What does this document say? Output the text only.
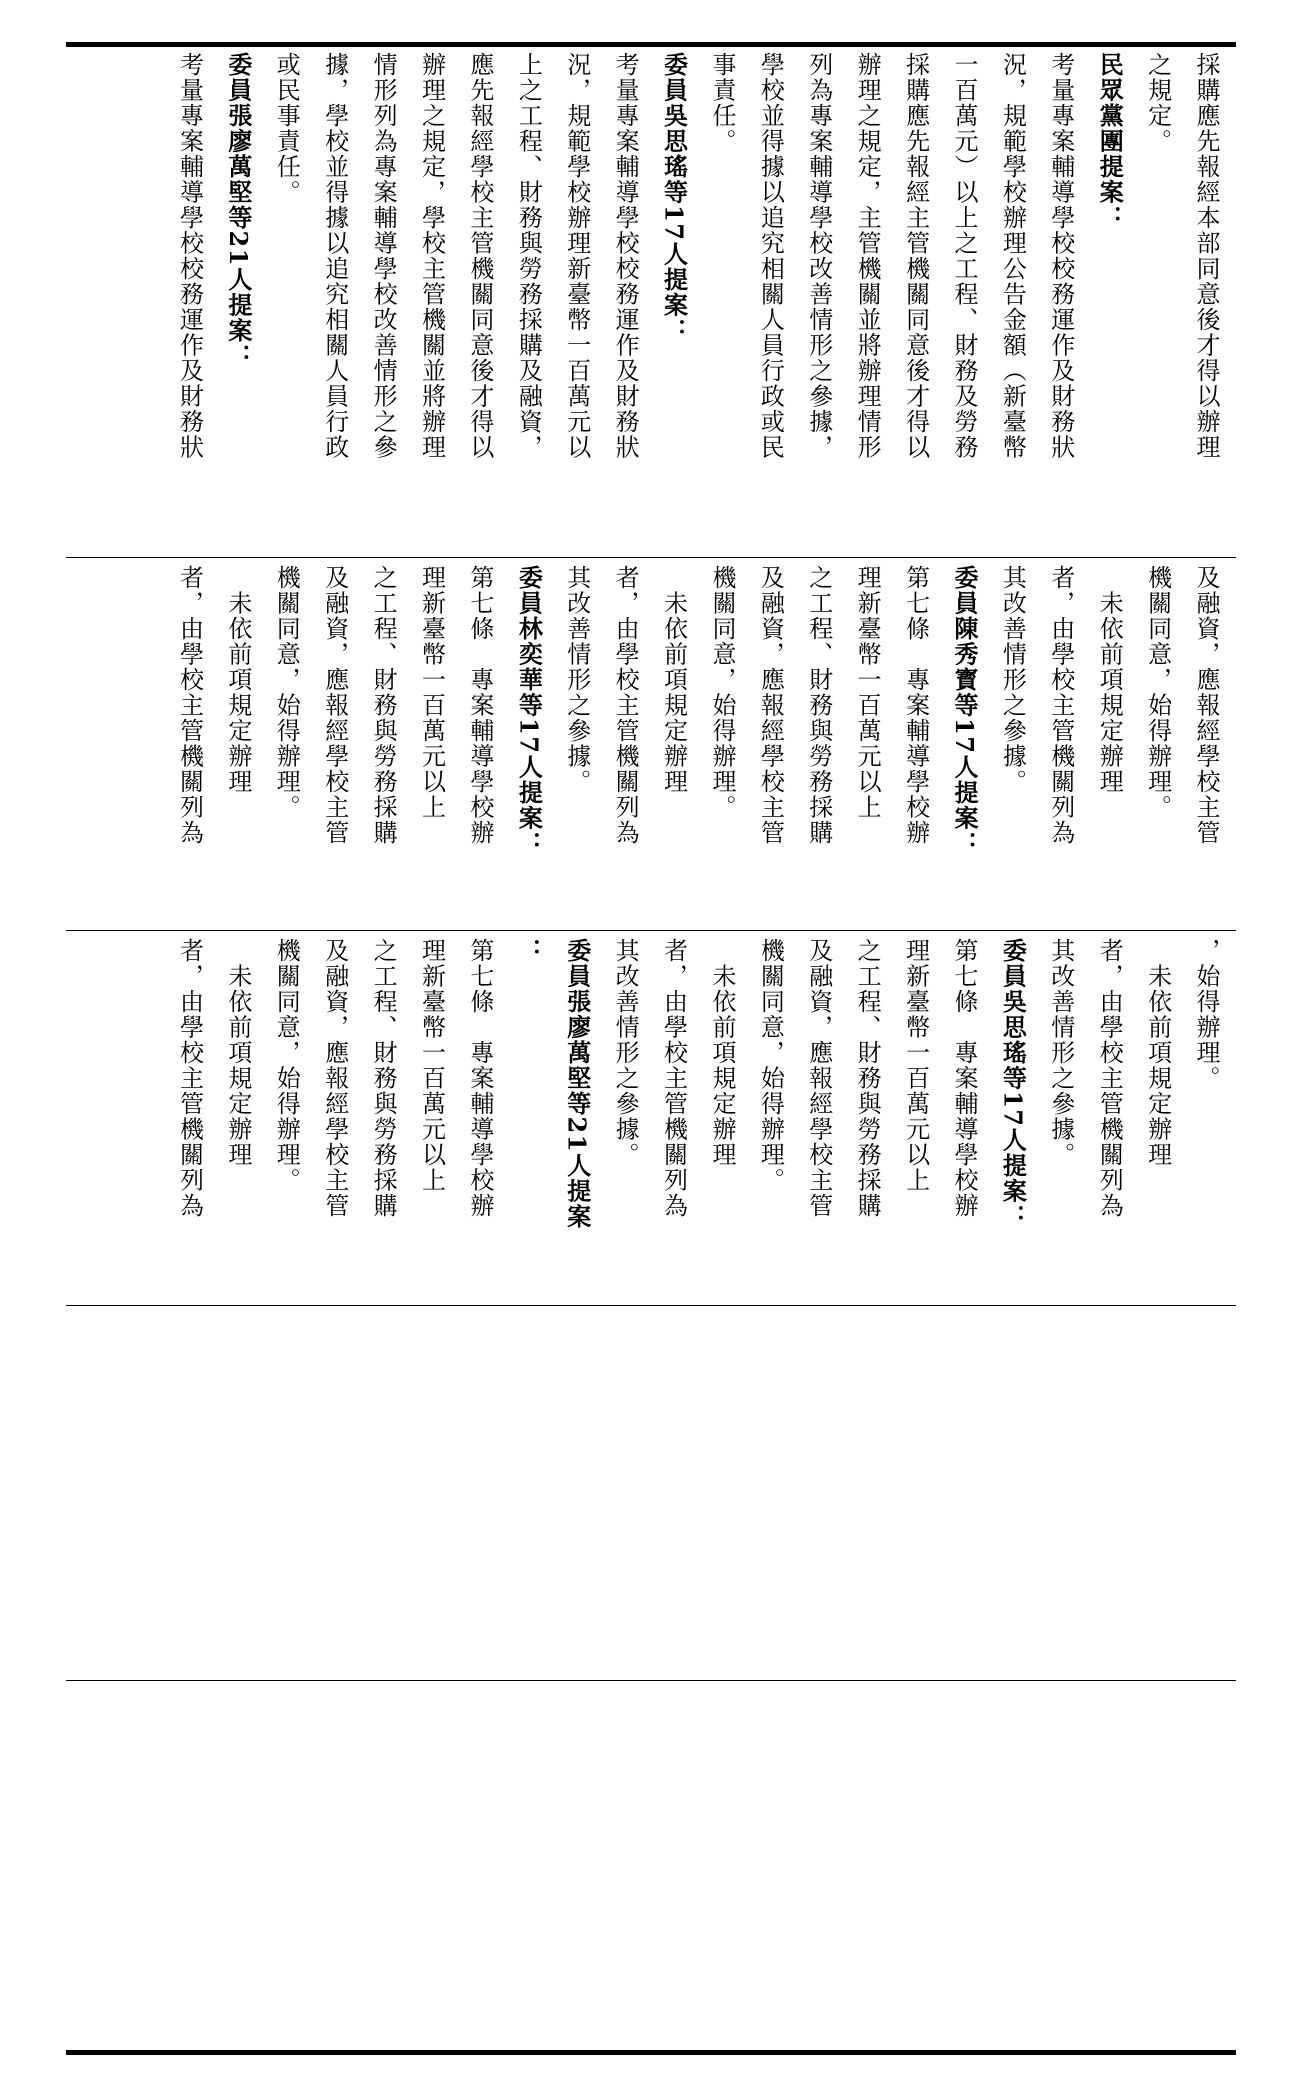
採購應先報經本部同意後才得以辦理

之規定。

民眾黨團提案：

考量專案輔導學校校務運作及財務狀

況，規範學校辦理公告金額（新臺幣

一百萬元）以上之工程、財務及勞務

採購應先報經主管機關同意後才得以

辦理之規定，主管機關並將辦理情形

列為專案輔導學校改善情形之參據，

學校並得據以追究相關人員行政或民

事責任。

委員吳思瑤等17人提案：

考量專案輔導學校校務運作及財務狀

況，規範學校辦理新臺幣一百萬元以

上之工程、財務與勞務採購及融資，

應先報經學校主管機關同意後才得以

辦理之規定，學校主管機關並將辦理

情形列為專案輔導學校改善情形之參

據，學校並得據以追究相關人員行政

或民事責任。

委員張廖萬堅等21人提案：

考量專案輔導學校校務運作及財務狀

及融資，應報經學校主管

機關同意，始得辦理。

　未依前項規定辦理

者，由學校主管機關列為

其改善情形之參據。

委員陳秀寳等17人提案：

第七條　專案輔導學校辦

理新臺幣一百萬元以上

之工程、財務與勞務採購

及融資，應報經學校主管

機關同意，始得辦理。

　未依前項規定辦理

者，由學校主管機關列為

其改善情形之參據。

委員林奕華等17人提案：

第七條　專案輔導學校辦

理新臺幣一百萬元以上

之工程、財務與勞務採購

及融資，應報經學校主管

機關同意，始得辦理。

　未依前項規定辦理

者，由學校主管機關列為

，始得辦理。

　未依前項規定辦理

者，由學校主管機關列為

其改善情形之參據。

委員吳思瑤等17人提案：

第七條　專案輔導學校辦

理新臺幣一百萬元以上

之工程、財務與勞務採購

及融資，應報經學校主管

機關同意，始得辦理。

　未依前項規定辦理

者，由學校主管機關列為

其改善情形之參據。

委員張廖萬堅等21人提案

：

第七條　專案輔導學校辦

理新臺幣一百萬元以上

之工程、財務與勞務採購

及融資，應報經學校主管

機關同意，始得辦理。

　未依前項規定辦理

者，由學校主管機關列為
